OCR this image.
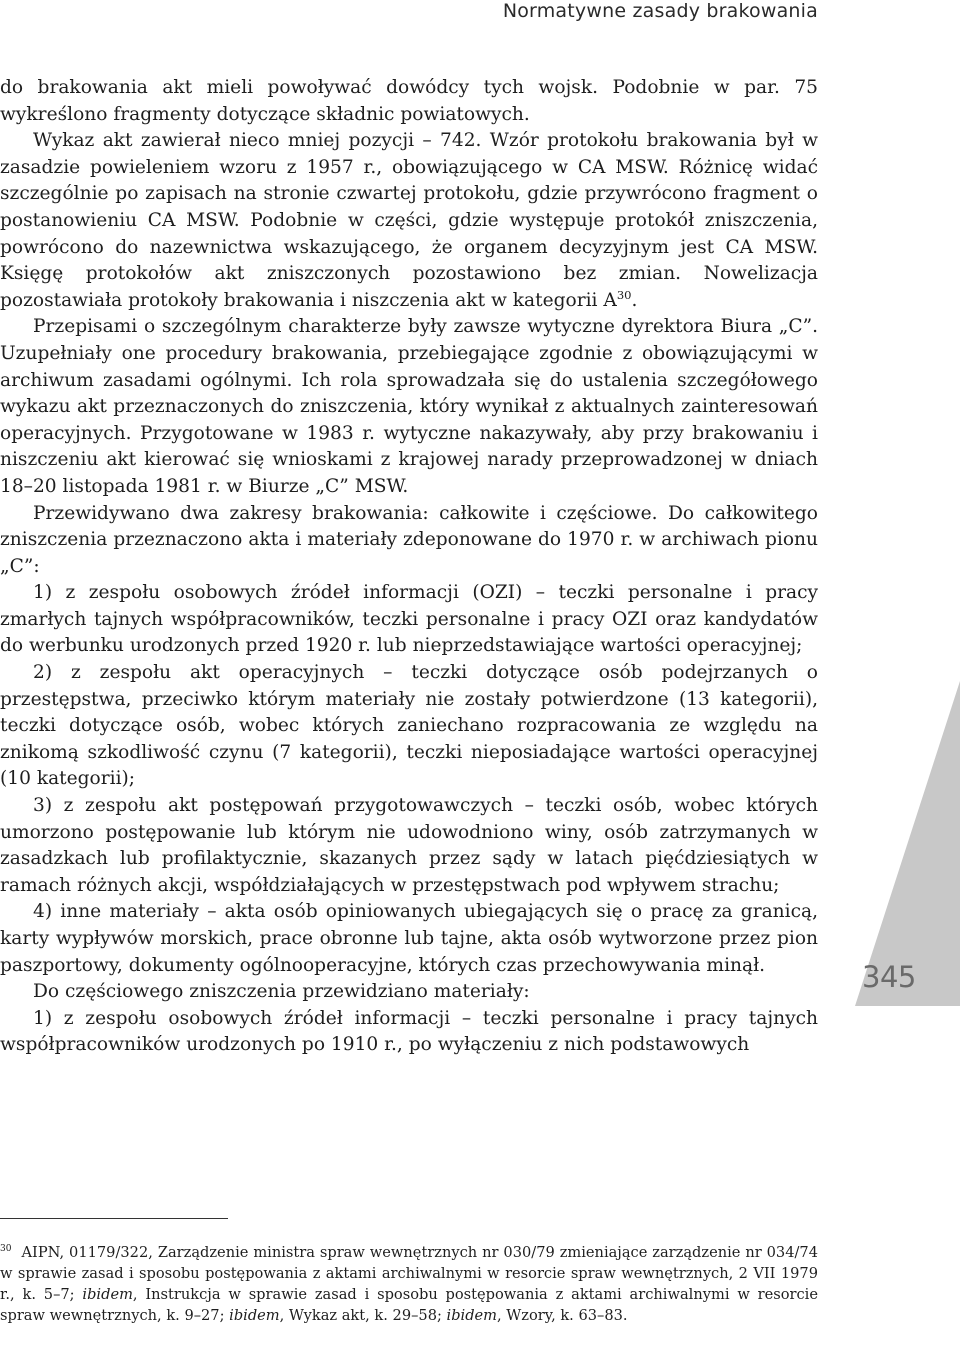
Normatywne zasady brakowania

do brakowania akt mieli powoływać dowódcy tych wojsk. Podobnie w par. 75 wykreślono fragmenty dotyczące składnic powiatowych.

Wykaz akt zawierał nieco mniej pozycji – 742. Wzór protokołu brakowania był w zasadzie powieleniem wzoru z 1957 r., obowiązującego w CA MSW. Różnicę widać szczególnie po zapisach na stronie czwartej protokołu, gdzie przywrócono fragment o postanowieniu CA MSW. Podobnie w części, gdzie występuje protokół zniszczenia, powrócono do nazewnictwa wskazującego, że organem decyzyjnym jest CA MSW. Księgę protokołów akt zniszczonych pozostawiono bez zmian. Nowelizacja pozostawiała protokoły brakowania i niszczenia akt w kategorii $A^{30}$.

Przepisami o szczególnym charakterze były zawsze wytyczne dyrektora Biura „C”. Uzupełniały one procedury brakowania, przebiegające zgodnie z obowiązującymi w archiwum zasadami ogólnymi. Ich rola sprowadzała się do ustalenia szczegółowego wykazu akt przeznaczonych do zniszczenia, który wynikał z aktualnych zainteresowań operacyjnych. Przygotowane w 1983 r. wytyczne nakazywały, aby przy brakowaniu i niszczeniu akt kierować się wnioskami z krajowej narady przeprowadzonej w dniach 18–20 listopada 1981 r. w Biurze „C” MSW.

Przewidywano dwa zakresy brakowania: całkowite i częściowe. Do całkowitego zniszczenia przeznaczono akta i materiały zdeponowane do 1970 r. w archiwach pionu „C”:

1) z zespołu osobowych źródeł informacji (OZI) – teczki personalne i pracy zmarłych tajnych współpracowników, teczki personalne i pracy OZI oraz kandydatów do werbunku urodzonych przed 1920 r. lub nieprzedstawiające wartości operacyjnej;

2) z zespołu akt operacyjnych – teczki dotyczące osób podejrzanych o przestępstwa, przeciwko którym materiały nie zostały potwierdzone (13 kategorii), teczki dotyczące osób, wobec których zaniechano rozpracowania ze względu na znikomą szkodliwość czynu (7 kategorii), teczki nieposiadające wartości operacyjnej (10 kategorii);

3) z zespołu akt postępowań przygotowawczych – teczki osób, wobec których umorzono postępowanie lub którym nie udowodniono winy, osób zatrzymanych w zasadzkach lub profilaktycznie, skazanych przez sądy w latach pięćdziesiątych w ramach różnych akcji, współdziałających w przestępstwach pod wpływem strachu;

4) inne materiały – akta osób opiniowanych ubiegających się o pracę za granicą, karty wypływów morskich, prace obronne lub tajne, akta osób wytworzone przez pion paszportowy, dokumenty ogólnooperacyjne, których czas przechowywania minął.

Do częściowego zniszczenia przewidziano materiały:

1) z zespołu osobowych źródeł informacji – teczki personalne i pracy tajnych współpracowników urodzonych po 1910 r., po wyłączeniu z nich podstawowych

345

$^{30}$ AIPN, 01179/322, Zarządzenie ministra spraw wewnętrznych nr 030/79 zmieniające zarządzenie nr 034/74 w sprawie zasad i sposobu postępowania z aktami archiwalnymi w resorcie spraw wewnętrznych, 2 VII 1979 r., k. 5–7; ibidem, Instrukcja w sprawie zasad i sposobu postępowania z aktami archiwalnymi w resorcie spraw wewnętrznych, k. 9–27; ibidem, Wykaz akt, k. 29–58; ibidem, Wzory, k. 63–83.
